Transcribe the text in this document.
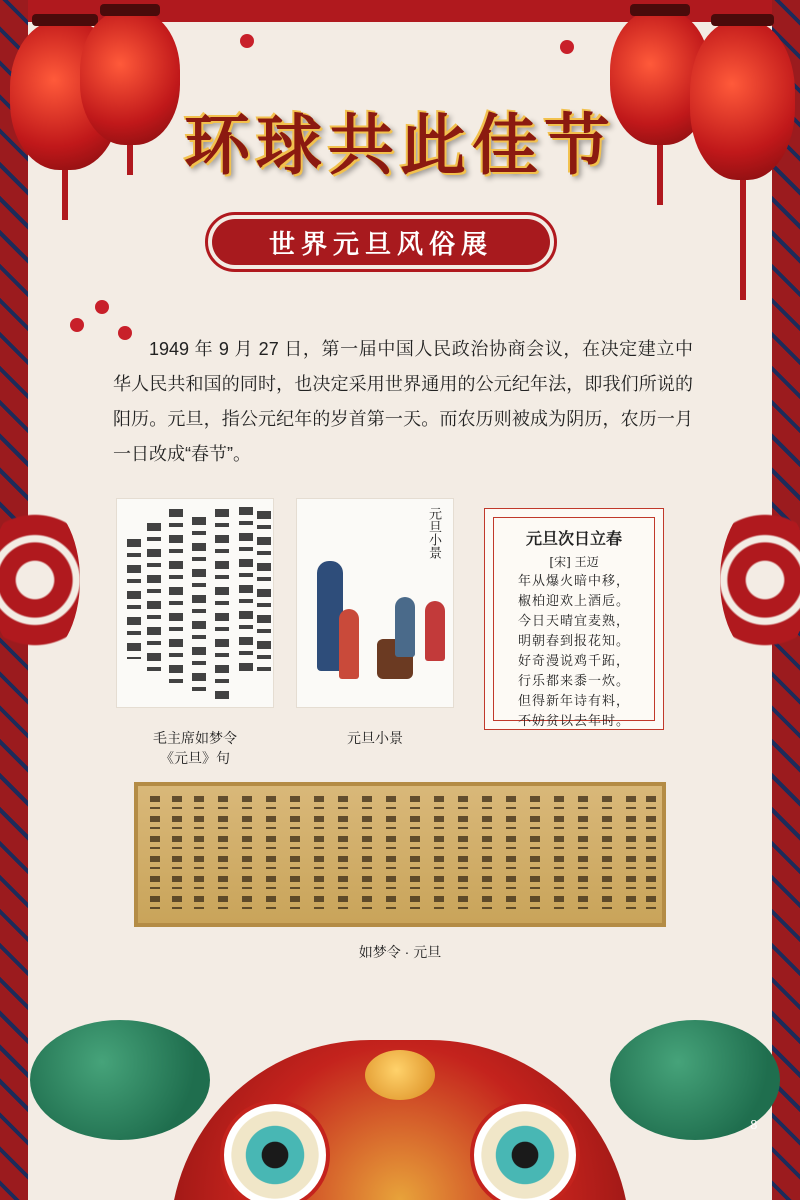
环球共此佳节
世界元旦风俗展

1949 年 9 月 27 日，第一届中国人民政治协商会议，在决定建立中华人民共和国的同时，也决定采用世界通用的公元纪年法，即我们所说的阳历。元旦，指公元纪年的岁首第一天。而农历则被成为阴历，农历一月一日改成“春节”。

毛主席如梦令
《元旦》句
元旦小景
元旦小景
元旦次日立春
[宋] 王迈
年从爆火暗中移，
椒柏迎欢上酒卮。
今日天晴宜麦熟，
明朝春到报花知。
好奇漫说鸡千跖，
行乐都来黍一炊。
但得新年诗有料，
不妨贫以去年时。
如梦令 · 元旦
8
